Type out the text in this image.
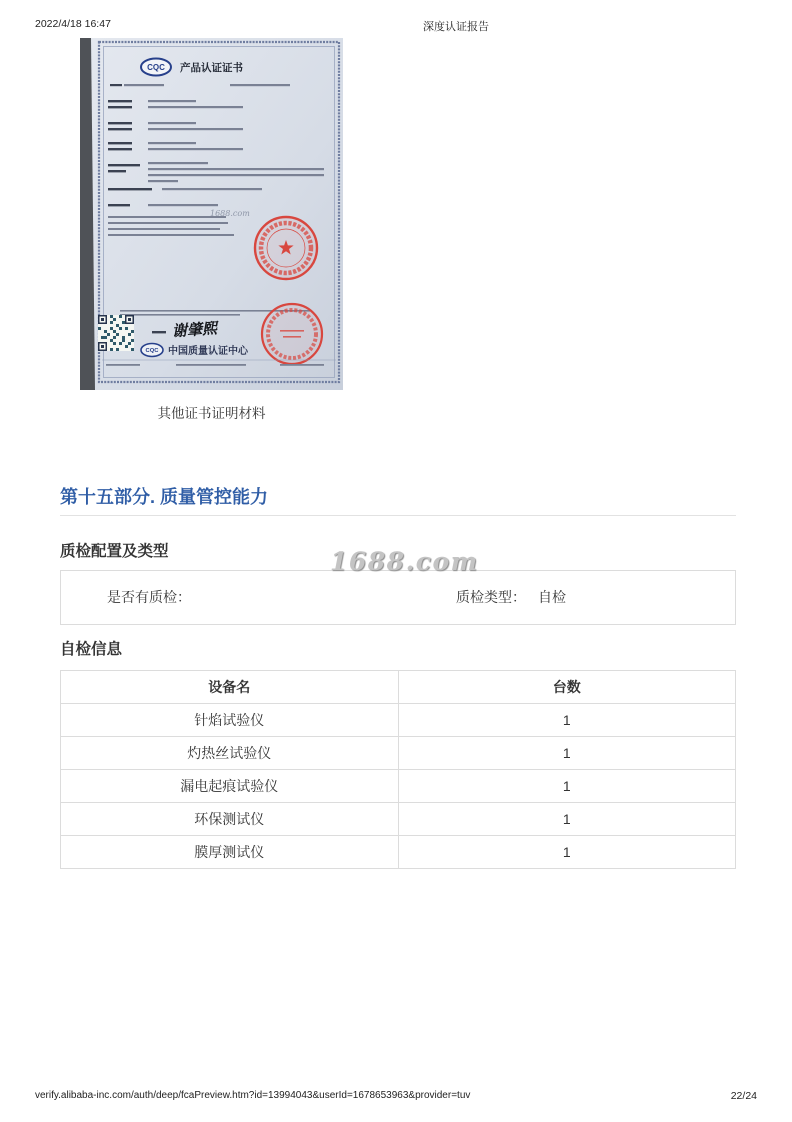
2022/4/18 16:47	深度认证报告
CQC 产品认证证书
1688.com
谢肇熙
CQC 中国质量认证中心
其他证书证明材料
第十五部分. 质量管控能力
质检配置及类型
是否有质检：	质检类型： 自检
自检信息
设备名	台数
针焰试验仪	1
灼热丝试验仪	1
漏电起痕试验仪	1
环保测试仪	1
膜厚测试仪	1
1688.com
verify.alibaba-inc.com/auth/deep/fcaPreview.htm?id=13994043&userId=1678653963&provider=tuv	22/24
